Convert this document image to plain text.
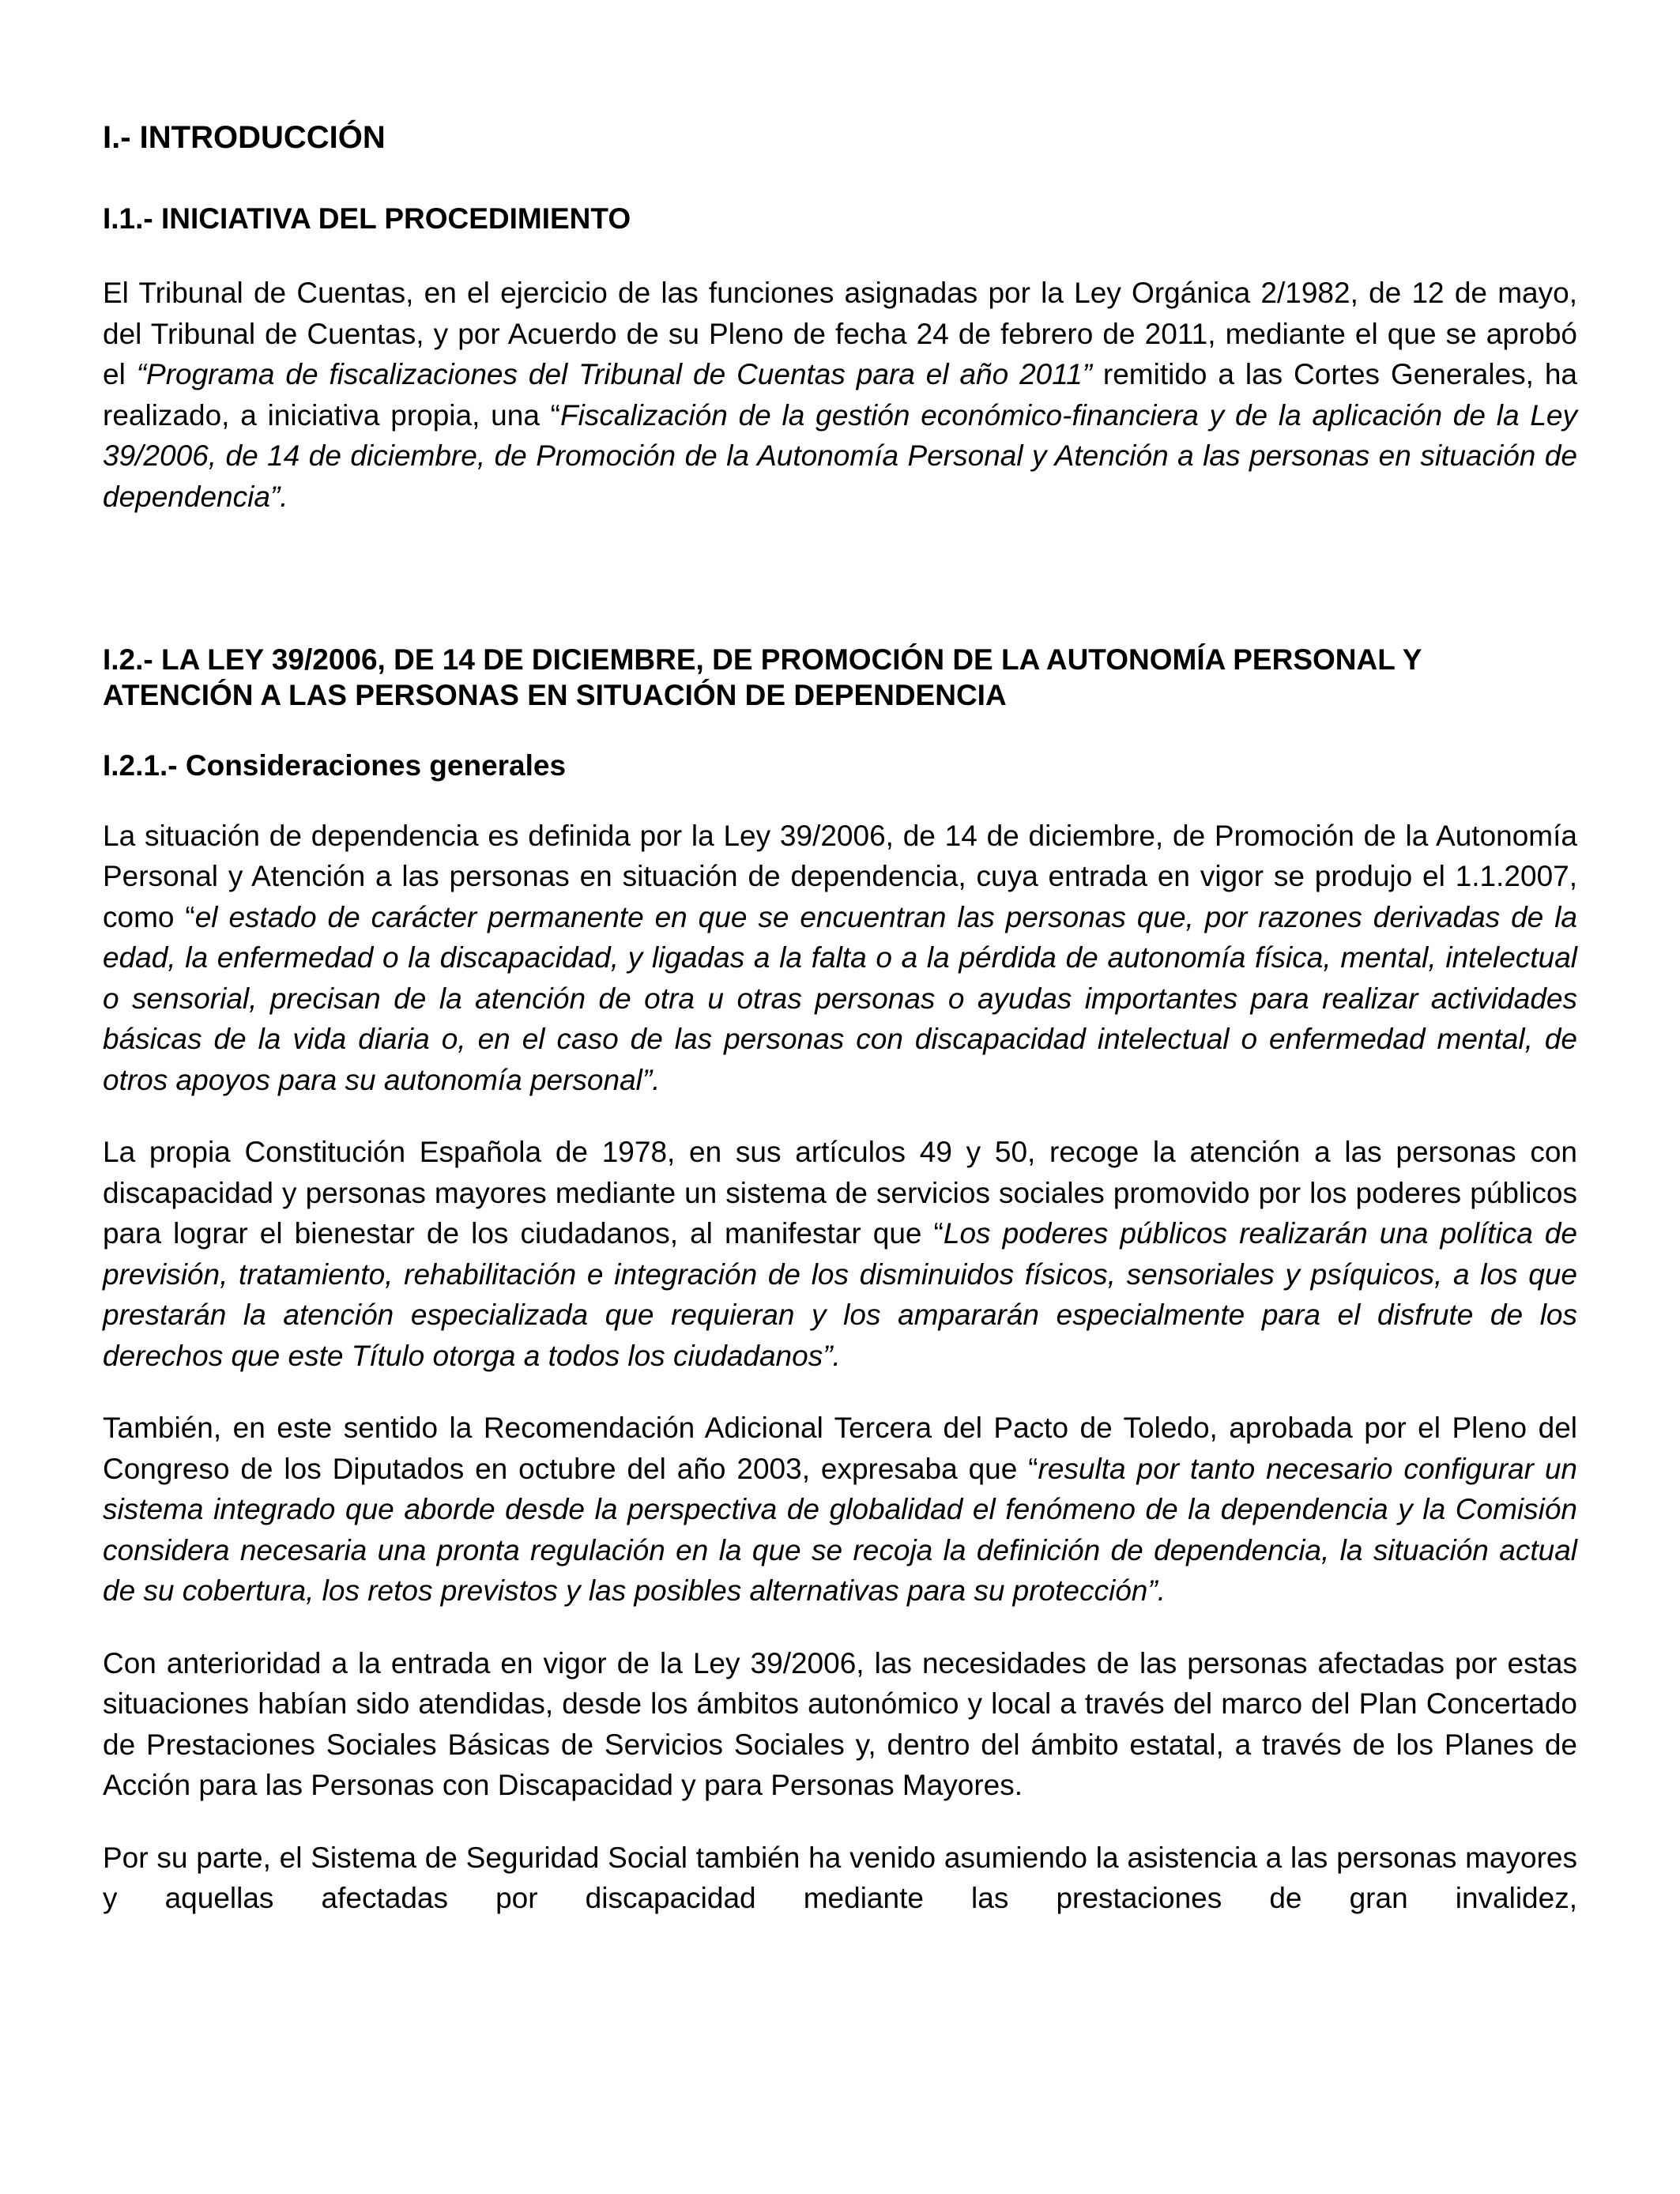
I.- INTRODUCCIÓN
I.1.- INICIATIVA DEL PROCEDIMIENTO

El Tribunal de Cuentas, en el ejercicio de las funciones asignadas por la Ley Orgánica 2/1982, de 12 de mayo, del Tribunal de Cuentas, y por Acuerdo de su Pleno de fecha 24 de febrero de 2011, mediante el que se aprobó el “Programa de fiscalizaciones del Tribunal de Cuentas para el año 2011” remitido a las Cortes Generales, ha realizado, a iniciativa propia, una “Fiscalización de la gestión económico-financiera y de la aplicación de la Ley 39/2006, de 14 de diciembre, de Promoción de la Autonomía Personal y Atención a las personas en situación de dependencia”.

I.2.- LA LEY 39/2006, DE 14 DE DICIEMBRE, DE PROMOCIÓN DE LA AUTONOMÍA PERSONAL Y ATENCIÓN A LAS PERSONAS EN SITUACIÓN DE DEPENDENCIA
I.2.1.- Consideraciones generales

La situación de dependencia es definida por la Ley 39/2006, de 14 de diciembre, de Promoción de la Autonomía Personal y Atención a las personas en situación de dependencia, cuya entrada en vigor se produjo el 1.1.2007, como “el estado de carácter permanente en que se encuentran las personas que, por razones derivadas de la edad, la enfermedad o la discapacidad, y ligadas a la falta o a la pérdida de autonomía física, mental, intelectual o sensorial, precisan de la atención de otra u otras personas o ayudas importantes para realizar actividades básicas de la vida diaria o, en el caso de las personas con discapacidad intelectual o enfermedad mental, de otros apoyos para su autonomía personal”.

La propia Constitución Española de 1978, en sus artículos 49 y 50, recoge la atención a las personas con discapacidad y personas mayores mediante un sistema de servicios sociales promovido por los poderes públicos para lograr el bienestar de los ciudadanos, al manifestar que “Los poderes públicos realizarán una política de previsión, tratamiento, rehabilitación e integración de los disminuidos físicos, sensoriales y psíquicos, a los que prestarán la atención especializada que requieran y los ampararán especialmente para el disfrute de los derechos que este Título otorga a todos los ciudadanos”.

También, en este sentido la Recomendación Adicional Tercera del Pacto de Toledo, aprobada por el Pleno del Congreso de los Diputados en octubre del año 2003, expresaba que “resulta por tanto necesario configurar un sistema integrado que aborde desde la perspectiva de globalidad el fenómeno de la dependencia y la Comisión considera necesaria una pronta regulación en la que se recoja la definición de dependencia, la situación actual de su cobertura, los retos previstos y las posibles alternativas para su protección”.

Con anterioridad a la entrada en vigor de la Ley 39/2006, las necesidades de las personas afectadas por estas situaciones habían sido atendidas, desde los ámbitos autonómico y local a través del marco del Plan Concertado de Prestaciones Sociales Básicas de Servicios Sociales y, dentro del ámbito estatal, a través de los Planes de Acción para las Personas con Discapacidad y para Personas Mayores.

Por su parte, el Sistema de Seguridad Social también ha venido asumiendo la asistencia a las personas mayores y aquellas afectadas por discapacidad mediante las prestaciones de gran invalidez,
